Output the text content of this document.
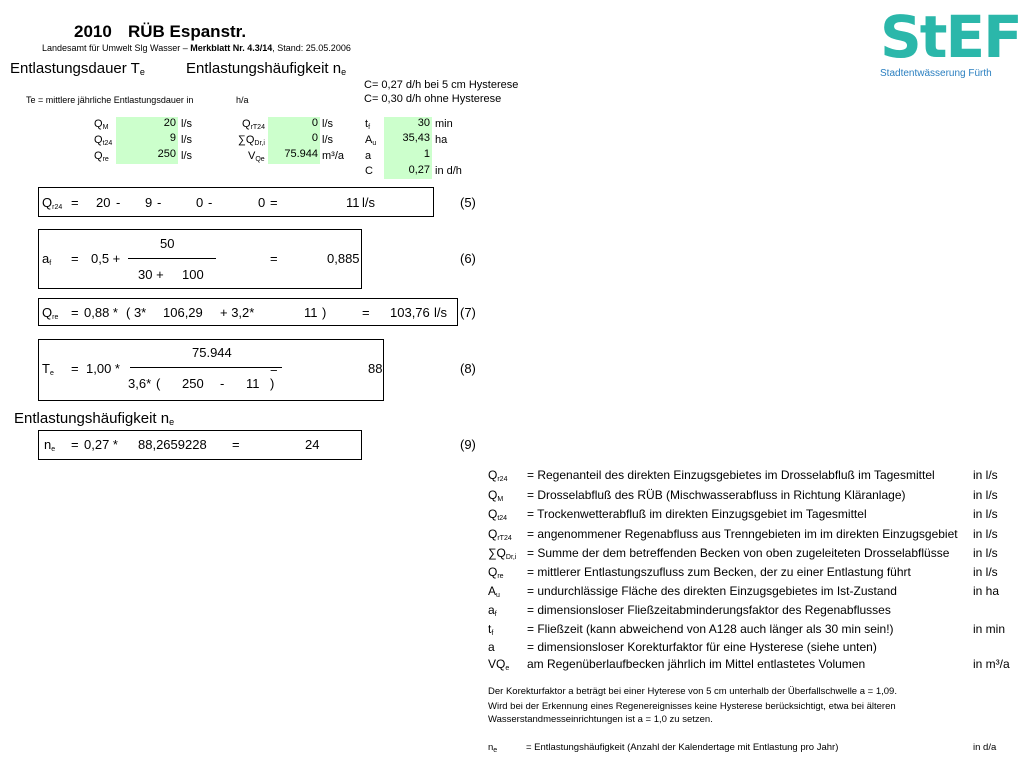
2010 RÜB Espanstr.
Landesamt für Umwelt Slg Wasser – Merkblatt Nr. 4.3/14, Stand: 25.05.2006	StEF
Stadtentwässerung Fürth
Entlastungsdauer $T_e$	Entlastungshäufigkeit $n_e$
C= 0,27 d/h bei 5 cm Hysterese
C= 0,30 d/h ohne Hysterese
Te = mittlere jährliche Entlastungsdauer in	h/a
$Q_M$	20 l/s
$Q_{t24}$	9 l/s
$Q_{re}$	250 l/s
$Q_{rT24}$	0 l/s
$\sum Q_{Dr,i}$	0 l/s
$V_{Qe}$	75.944 m³/a
$t_f$	30 min
$A_u$	35,43 ha
a	1
C	0,27 in d/h
$Q_{r24} = 20 - 9$ -	0 -	0 =	11 l/s	(5)
$a_f = 0,5$ +
50
30 + 100
=	0,885	(6)
$Q_{re} = 0,88$ * ( 3* 106,29 + 3,2*	11 )	= 103,76 l/s (7)
$T_e = 1,00$ *
75.944
3,6* ( 250 - 11 )
=	88	(8)
Entlastungshäufigkeit $n_e$
$n_e = 0,27 * 88,2659228$ =	24	(9)
$Q_{r24}$ = Regenanteil des direkten Einzugsgebietes im Drosselabfluß im Tagesmittel	in l/s
$Q_M$ = Drosselabfluß des RÜB (Mischwasserabfluss in Richtung Kläranlage)	in l/s
$Q_{t24}$ = Trockenwetterabfluß im direkten Einzugsgebiet im Tagesmittel	in l/s
$Q_{rT24}$ = angenommener Regenabfluss aus Trenngebieten im im direkten Einzugsgebiet in l/s
$\sum Q_{Dr,i}$ = Summe der dem betreffenden Becken von oben zugeleiteten Drosselabflüsse in l/s
$Q_{re}$ = mittlerer Entlastungszufluss zum Becken, der zu einer Entlastung führt	in l/s
$A_u$ = undurchlässige Fläche des direkten Einzugsgebietes im Ist-Zustand	in ha
$a_f$	= dimensionsloser Fließzeitabminderungsfaktor des Regenabflusses
$t_f$	= Fließzeit (kann abweichend von A128 auch länger als 30 min sein!)	in min
a	= dimensionsloser Korekturfaktor für eine Hysterese (siehe unten)
$VQ_e$ am Regenüberlaufbecken jährlich im Mittel entlastetes Volumen	in m³/a
Der Korekturfaktor a beträgt bei einer Hyterese von 5 cm unterhalb der Überfallschwelle a = 1,09.
Wird bei der Erkennung eines Regenereignisses keine Hysterese berücksichtigt, etwa bei älteren
Wasserstandmesseinrichtungen ist a = 1,0 zu setzen.
$n_e$	= Entlastungshäufigkeit (Anzahl der Kalendertage mit Entlastung pro Jahr)	in d/a
